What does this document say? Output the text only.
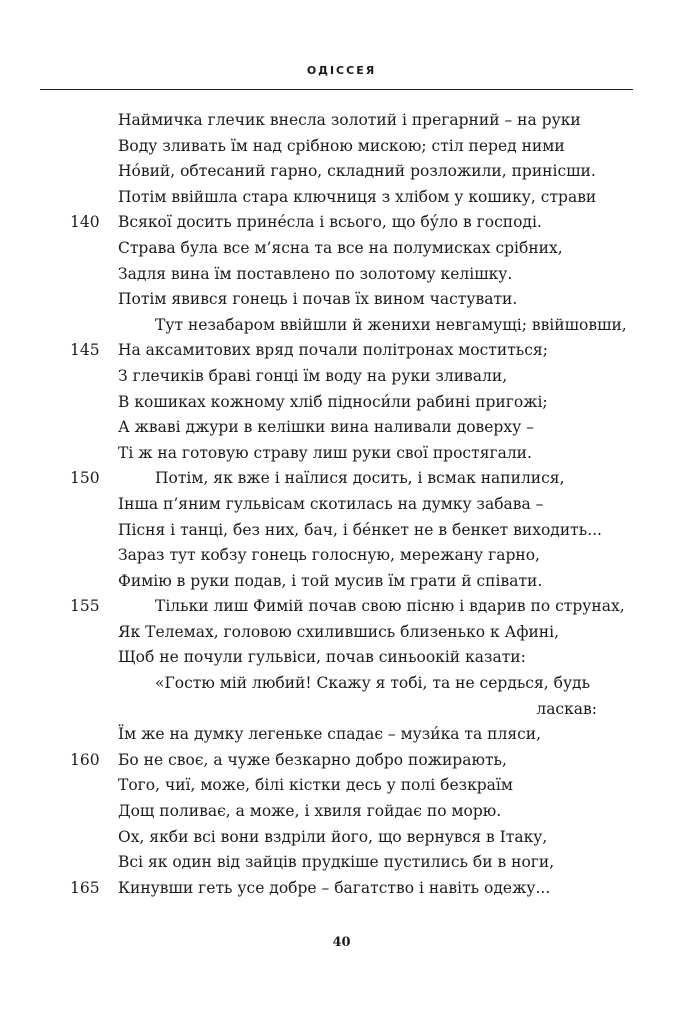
ОДІССЕЯ
Наймичка глечик внесла золотий і прегарний – на руки
Воду зливать їм над срібною мискою; стіл перед ними
Но́вий, обтесаний гарно, складний розложили, принісши.
Потім ввійшла стара ключниця з хлібом у кошику, страви
140	Всякої досить прине́сла і всього, що бу́ло в господі.
Страва була все м’ясна та все на полумисках срібних,
Задля вина їм поставлено по золотому келішку.
Потім явився гонець і почав їх вином частувати.
Тут незабаром ввійшли й женихи невгамущі; ввійшовши,
145	На аксамитових вряд почали політронах моститься;
З глечиків браві гонці їм воду на руки зливали,
В кошиках кожному хліб підноси́ли рабині пригожі;
А жваві джури в келішки вина наливали доверху –
Ті ж на готовую страву лиш руки свої простягали.
150	Потім, як вже і наїлися досить, і всмак напилися,
Інша п’яним гульвісам скотилась на думку забава –
Пісня і танці, без них, бач, і бе́нкет не в бенкет виходить...
Зараз тут кобзу гонець голосную, мережану гарно,
Фимію в руки подав, і той мусив їм грати й співати.
155	Тільки лиш Фимій почав свою пісню і вдарив по струнах,
Як Телемах, головою схилившись близенько к Афині,
Щоб не почули гульвіси, почав синьоокій казати:
«Гостю мій любий! Скажу я тобі, та не сердься, будь
ласкав:
Їм же на думку легеньке спадає – музи́ка та пляси,
160	Бо не своє, а чуже безкарно добро пожирають,
Того, чиї, може, білі кістки десь у полі безкраїм
Дощ поливає, а може, і хвиля гойдає по морю.
Ох, якби всі вони вздріли його, що вернувся в Ітаку,
Всі як один від зайців прудкіше пустились би в ноги,
165	Кинувши геть усе добре – багатство і навіть одежу...
40
